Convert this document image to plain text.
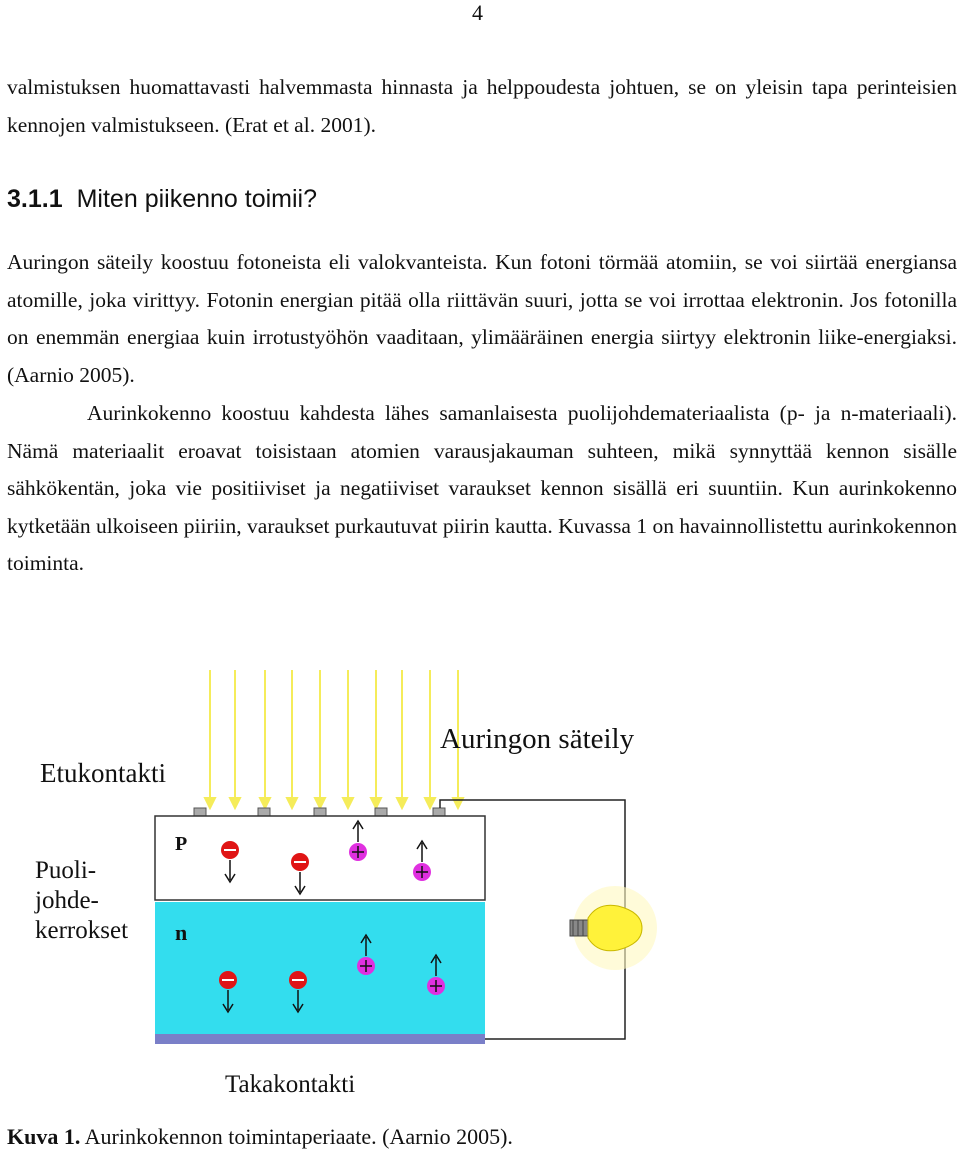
4

valmistuksen huomattavasti halvemmasta hinnasta ja helppoudesta johtuen, se on yleisin tapa perinteisien kennojen valmistukseen. (Erat et al. 2001).

3.1.1 Miten piikenno toimii?

Auringon säteily koostuu fotoneista eli valokvanteista. Kun fotoni törmää atomiin, se voi siirtää energiansa atomille, joka virittyy. Fotonin energian pitää olla riittävän suuri, jotta se voi irrottaa elektronin. Jos fotonilla on enemmän energiaa kuin irrotustyöhön vaaditaan, ylimääräinen energia siirtyy elektronin liike-energiaksi. (Aarnio 2005).

Aurinkokenno koostuu kahdesta lähes samanlaisesta puolijohdemateriaalista (p- ja n-materiaali). Nämä materiaalit eroavat toisistaan atomien varausjakauman suhteen, mikä synnyttää kennon sisälle sähkökentän, joka vie positiiviset ja negatiiviset varaukset kennon sisällä eri suuntiin. Kun aurinkokenno kytketään ulkoiseen piiriin, varaukset purkautuvat piirin kautta. Kuvassa 1 on havainnollistettu aurinkokennon toiminta.

Auringon säteily
Etukontakti
Puoli-
johde-
kerrokset
P
n
Takakontakti
Kuva 1. Aurinkokennon toimintaperiaate. (Aarnio 2005).
